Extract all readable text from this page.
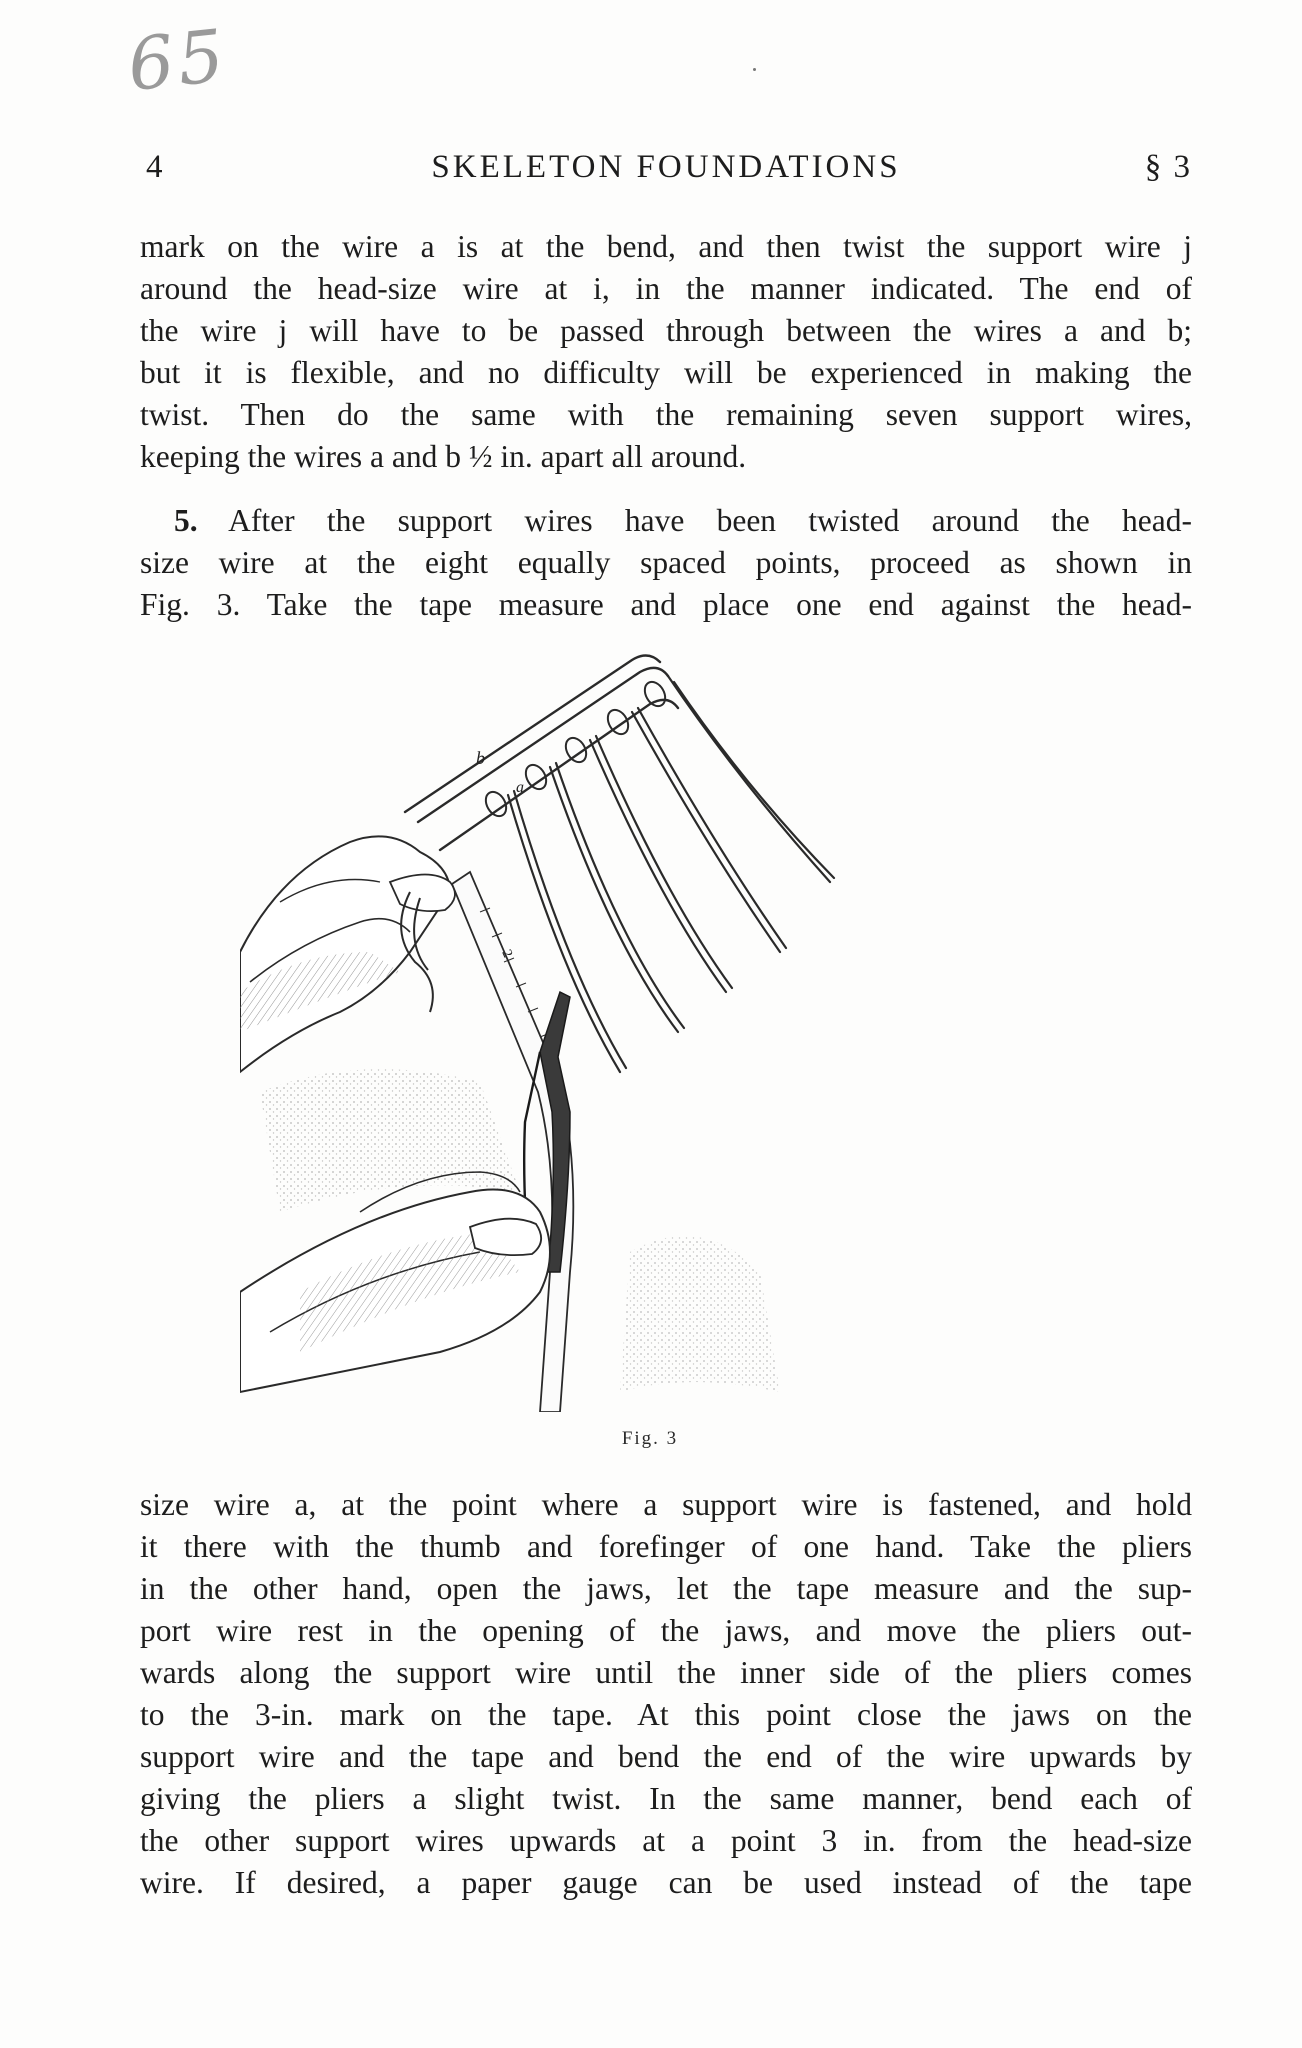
65
4	SKELETON FOUNDATIONS	§ 3
mark on the wire a is at the bend, and then twist the support wire j
around the head-size wire at i, in the manner indicated. The end of
the wire j will have to be passed through between the wires a and b;
but it is flexible, and no difficulty will be experienced in making the
twist. Then do the same with the remaining seven support wires,
keeping the wires a and b ½ in. apart all around.
5. After the support wires have been twisted around the head-
size wire at the eight equally spaced points, proceed as shown in
Fig. 3. Take the tape measure and place one end against the head-
b
a
2
Fig. 3
size wire a, at the point where a support wire is fastened, and hold
it there with the thumb and forefinger of one hand. Take the pliers
in the other hand, open the jaws, let the tape measure and the sup-
port wire rest in the opening of the jaws, and move the pliers out-
wards along the support wire until the inner side of the pliers comes
to the 3-in. mark on the tape. At this point close the jaws on the
support wire and the tape and bend the end of the wire upwards by
giving the pliers a slight twist. In the same manner, bend each of
the other support wires upwards at a point 3 in. from the head-size
wire. If desired, a paper gauge can be used instead of the tape
